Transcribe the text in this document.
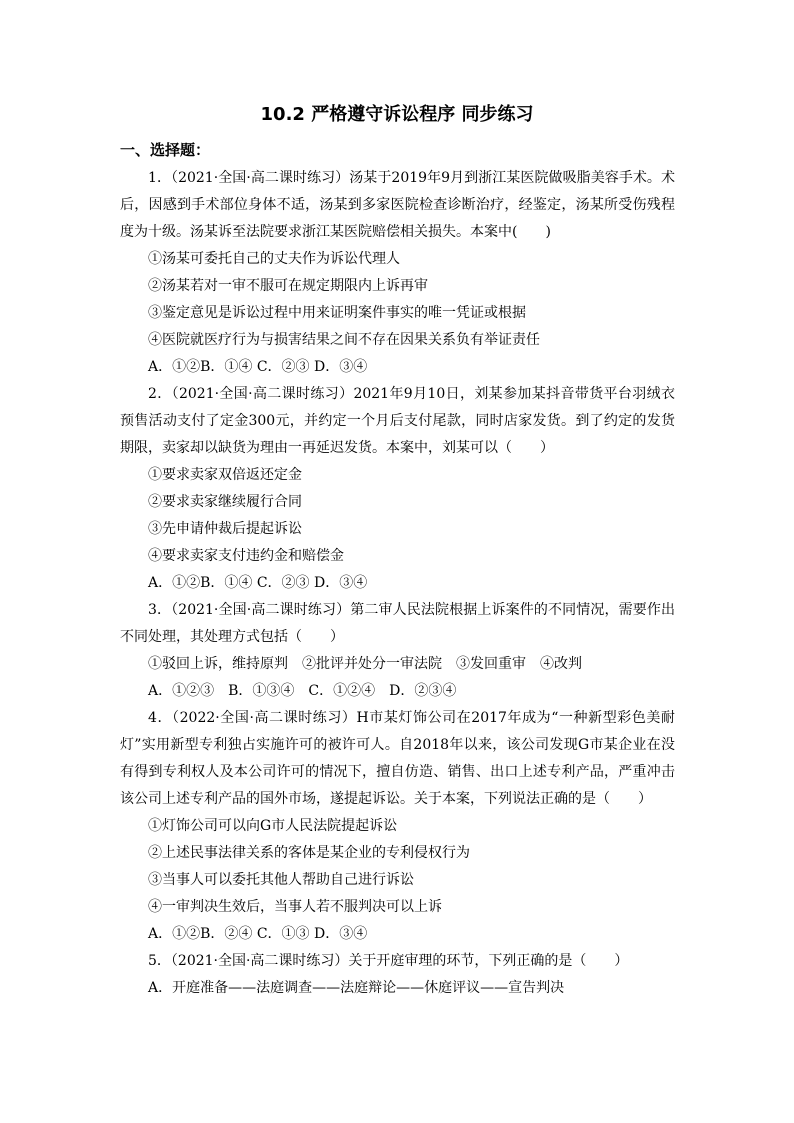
10.2 严格遵守诉讼程序 同步练习
一、选择题：

1．（2021·全国·高二课时练习）汤某于2019年9月到浙江某医院做吸脂美容手术。术后，因感到手术部位身体不适，汤某到多家医院检查诊断治疗，经鉴定，汤某所受伤残程度为十级。汤某诉至法院要求浙江某医院赔偿相关损失。本案中(　　)

①汤某可委托自己的丈夫作为诉讼代理人

②汤某若对一审不服可在规定期限内上诉再审

③鉴定意见是诉讼过程中用来证明案件事实的唯一凭证或根据

④医院就医疗行为与损害结果之间不存在因果关系负有举证责任

A．①②B．①④ C．②③ D．③④

2．（2021·全国·高二课时练习）2021年9月10日，刘某参加某抖音带货平台羽绒衣预售活动支付了定金300元，并约定一个月后支付尾款，同时店家发货。到了约定的发货期限，卖家却以缺货为理由一再延迟发货。本案中，刘某可以（　　）

①要求卖家双倍返还定金

②要求卖家继续履行合同

③先申请仲裁后提起诉讼

④要求卖家支付违约金和赔偿金

A．①②B．①④ C．②③ D．③④

3．（2021·全国·高二课时练习）第二审人民法院根据上诉案件的不同情况，需要作出不同处理，其处理方式包括（　　）

①驳回上诉，维持原判　②批评并处分一审法院　③发回重审　④改判

A．①②③　B．①③④　C．①②④　D．②③④

4．（2022·全国·高二课时练习）H市某灯饰公司在2017年成为“一种新型彩色美耐灯”实用新型专利独占实施许可的被许可人。自2018年以来，该公司发现G市某企业在没有得到专利权人及本公司许可的情况下，擅自仿造、销售、出口上述专利产品，严重冲击该公司上述专利产品的国外市场，遂提起诉讼。关于本案，下列说法正确的是（　　）

①灯饰公司可以向G市人民法院提起诉讼

②上述民事法律关系的客体是某企业的专利侵权行为

③当事人可以委托其他人帮助自己进行诉讼

④一审判决生效后，当事人若不服判决可以上诉

A．①②B．②④ C．①③ D．③④

5．（2021·全国·高二课时练习）关于开庭审理的环节，下列正确的是（　　）

A．开庭准备——法庭调查——法庭辩论——休庭评议——宣告判决
